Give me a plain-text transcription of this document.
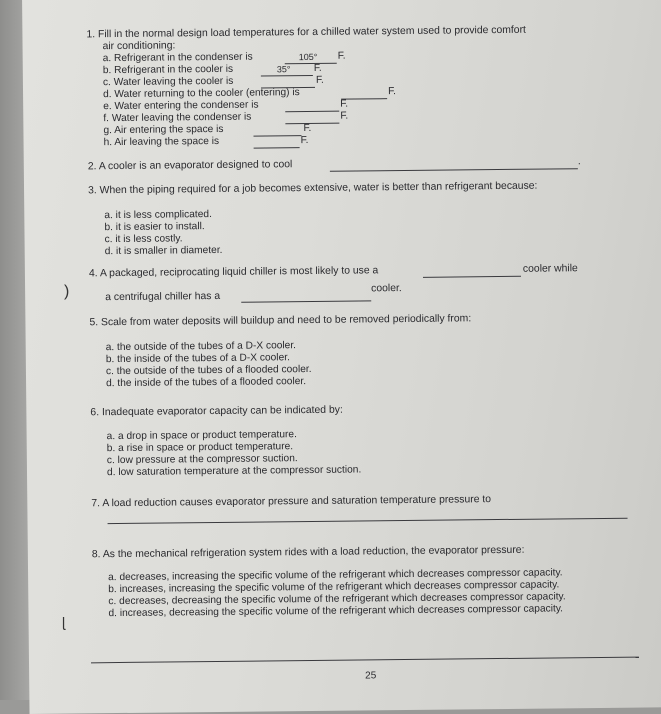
1. Fill in the normal design load temperatures for a chilled water system used to provide comfort
air conditioning:
a. Refrigerant in the condenser is	105° F.
b. Refrigerant in the cooler is	35° F.
c. Water leaving the cooler is	F.
d. Water returning to the cooler (entering) is	F.
e. Water entering the condenser is	F.
f. Water leaving the condenser is	F.
g. Air entering the space is	F.
h. Air leaving the space is	F.
2. A cooler is an evaporator designed to cool	.
3. When the piping required for a job becomes extensive, water is better than refrigerant because:
a. it is less complicated.
b. it is easier to install.
c. it is less costly.
d. it is smaller in diameter.
4. A packaged, reciprocating liquid chiller is most likely to use a	cooler while
a centrifugal chiller has a
cooler.
5. Scale from water deposits will buildup and need to be removed periodically from:
a. the outside of the tubes of a D-X cooler.
b. the inside of the tubes of a D-X cooler.
c. the outside of the tubes of a flooded cooler.
d. the inside of the tubes of a flooded cooler.
6. Inadequate evaporator capacity can be indicated by:
a. a drop in space or product temperature.
b. a rise in space or product temperature.
c. low pressure at the compressor suction.
d. low saturation temperature at the compressor suction.
7. A load reduction causes evaporator pressure and saturation temperature pressure to
8. As the mechanical refrigeration system rides with a load reduction, the evaporator pressure:
a. decreases, increasing the specific volume of the refrigerant which decreases compressor capacity.
b. increases, increasing the specific volume of the refrigerant which decreases compressor capacity.
c. decreases, decreasing the specific volume of the refrigerant which decreases compressor capacity.
d. increases, decreasing the specific volume of the refrigerant which decreases compressor capacity.
25
)
ɭ
